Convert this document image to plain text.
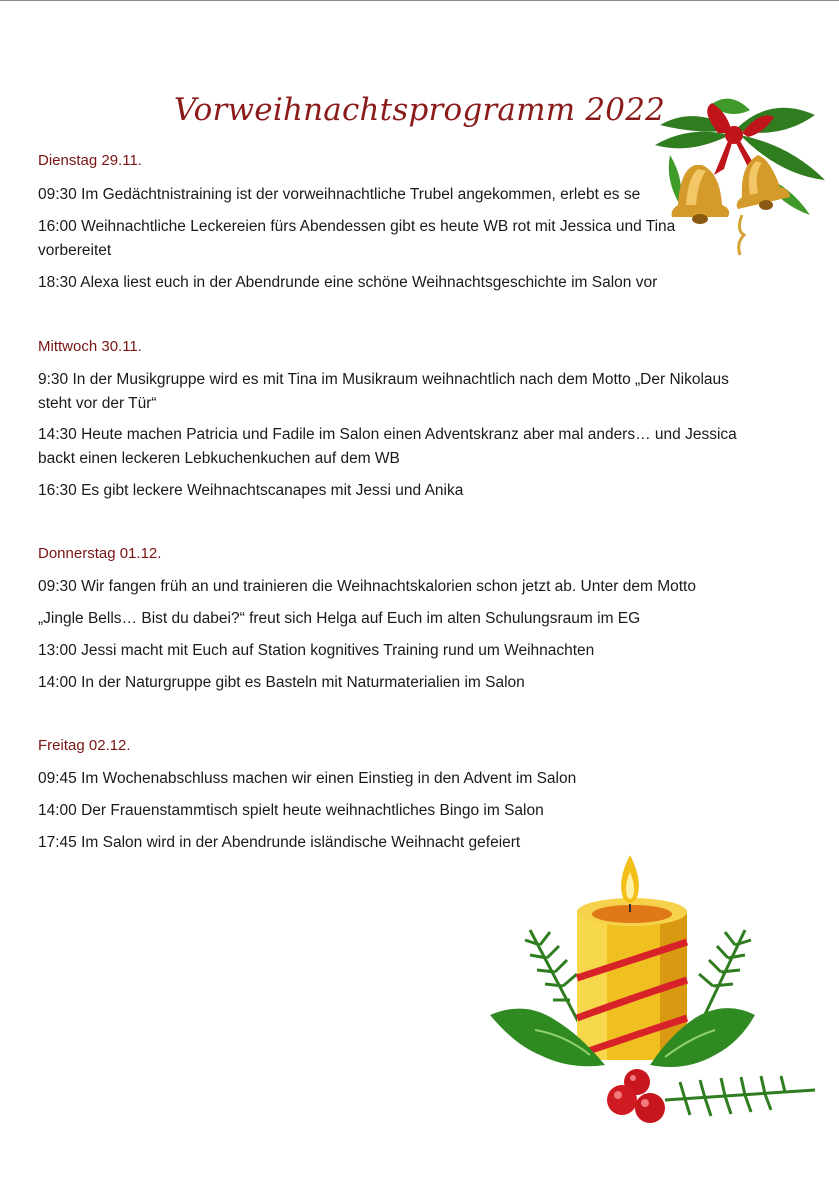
Vorweihnachtsprogramm 2022
Dienstag 29.11.
09:30 Im Gedächtnistraining ist der vorweihnachtliche Trubel angekommen, erlebt es se
16:00 Weihnachtliche Leckereien fürs Abendessen gibt es heute WB rot mit Jessica und Tina vorbereitet
18:30 Alexa liest euch in der Abendrunde eine schöne Weihnachtsgeschichte im Salon vor
Mittwoch 30.11.
9:30 In der Musikgruppe wird es mit Tina im Musikraum weihnachtlich nach dem Motto „Der Nikolaus steht vor der Tür“
14:30 Heute machen Patricia und Fadile im Salon einen Adventskranz aber mal anders… und Jessica backt einen leckeren Lebkuchenkuchen auf dem WB
16:30 Es gibt leckere Weihnachtscanapes mit Jessi und Anika
Donnerstag 01.12.
09:30 Wir fangen früh an und trainieren die Weihnachtskalorien schon jetzt ab. Unter dem Motto
„Jingle Bells… Bist du dabei?“ freut sich Helga auf Euch im alten Schulungsraum im EG
13:00 Jessi macht mit Euch auf Station kognitives Training rund um Weihnachten
14:00 In der Naturgruppe gibt es Basteln mit Naturmaterialien im Salon
Freitag 02.12.
09:45 Im Wochenabschluss machen wir einen Einstieg in den Advent im Salon
14:00 Der Frauenstammtisch spielt heute weihnachtliches Bingo im Salon
17:45 Im Salon wird in der Abendrunde isländische Weihnacht gefeiert
